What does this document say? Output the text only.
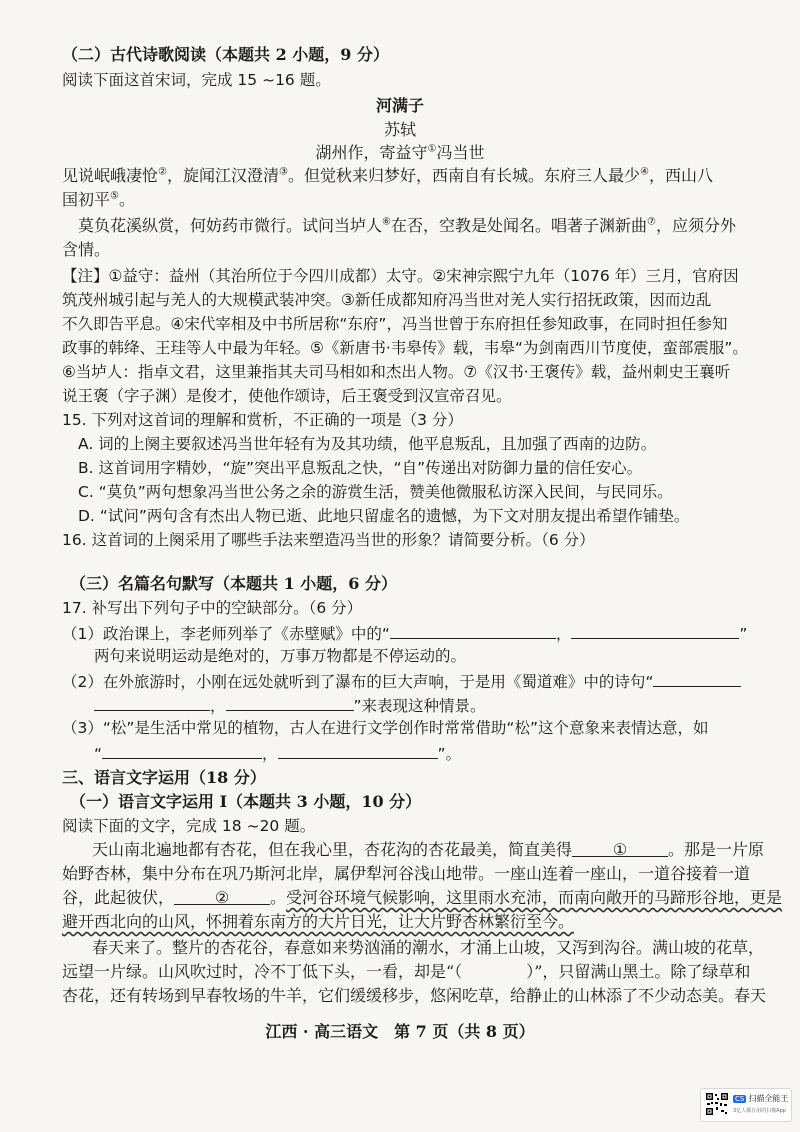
（二）古代诗歌阅读（本题共 2 小题，9 分）
阅读下面这首宋词，完成 15 ~16 题。
河满子
苏轼
湖州作，寄益守①冯当世
见说岷峨凄怆②，旋闻江汉澄清③。但觉秋来归梦好，西南自有长城。东府三人最少④，西山八
国初平⑤。
莫负花溪纵赏，何妨药市微行。试问当垆人⑥在否，空教是处闻名。唱著子渊新曲⑦，应须分外
含情。
【注】①益守：益州（其治所位于今四川成都）太守。②宋神宗熙宁九年（1076 年）三月，官府因
筑茂州城引起与羌人的大规模武装冲突。③新任成都知府冯当世对羌人实行招抚政策，因而边乱
不久即告平息。④宋代宰相及中书所居称“东府”，冯当世曾于东府担任参知政事，在同时担任参知
政事的韩绛、王珪等人中最为年轻。⑤《新唐书·韦皋传》载，韦皋“为剑南西川节度使，蛮部震服”。
⑥当垆人：指卓文君，这里兼指其夫司马相如和杰出人物。⑦《汉书·王褒传》载，益州刺史王襄听
说王褒（字子渊）是俊才，使他作颂诗，后王褒受到汉宣帝召见。
15. 下列对这首词的理解和赏析，不正确的一项是（3 分）
A. 词的上阕主要叙述冯当世年轻有为及其功绩，他平息叛乱，且加强了西南的边防。
B. 这首词用字精妙，“旋”突出平息叛乱之快，“自”传递出对防御力量的信任安心。
C. “莫负”两句想象冯当世公务之余的游赏生活，赞美他微服私访深入民间，与民同乐。
D. “试问”两句含有杰出人物已逝、此地只留虚名的遗憾，为下文对朋友提出希望作铺垫。
16. 这首词的上阕采用了哪些手法来塑造冯当世的形象？请简要分析。（6 分）
（三）名篇名句默写（本题共 1 小题，6 分）
17. 补写出下列句子中的空缺部分。（6 分）
（1）政治课上，李老师列举了《赤壁赋》中的“	，	”
两句来说明运动是绝对的，万事万物都是不停运动的。
（2）在外旅游时，小刚在远处就听到了瀑布的巨大声响，于是用《蜀道难》中的诗句“
，	”来表现这种情景。
（3）“松”是生活中常见的植物，古人在进行文学创作时常常借助“松”这个意象来表情达意，如
“	，	”。
三、语言文字运用（18 分）
（一）语言文字运用 Ⅰ（本题共 3 小题，10 分）
阅读下面的文字，完成 18 ~20 题。
天山南北遍地都有杏花，但在我心里，杏花沟的杏花最美，简直美得	①	。那是一片原
始野杏林，集中分布在巩乃斯河北岸，属伊犁河谷浅山地带。一座山连着一座山，一道谷接着一道
谷，此起彼伏，	②	。受河谷环境气候影响，这里雨水充沛，而南向敞开的马蹄形谷地，更是
避开西北向的山风，怀拥着东南方的大片日光，让大片野杏林繁衍至今。
春天来了。整片的杏花谷，春意如来势汹涌的潮水，才涌上山坡，又泻到沟谷。满山坡的花草，
远望一片绿。山风吹过时，冷不丁低下头，一看，却是“（	）”，只留满山黑土。除了绿草和
杏花，还有转场到早春牧场的牛羊，它们缓缓移步，悠闲吃草，给静止的山林添了不少动态美。春天
江西 · 高三语文　第 7 页（共 8 页）
CS 扫描全能王
3亿人都在用的扫描App
